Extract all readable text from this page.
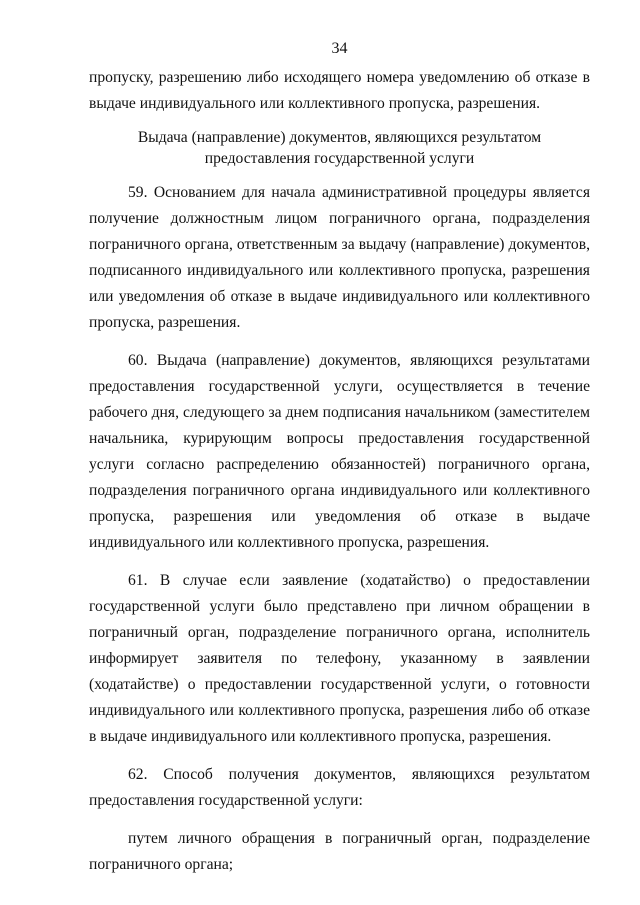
34

пропуску, разрешению либо исходящего номера уведомлению об отказе в выдаче индивидуального или коллективного пропуска, разрешения.

Выдача (направление) документов, являющихся результатом
предоставления государственной услуги

59. Основанием для начала административной процедуры является получение должностным лицом пограничного органа, подразделения пограничного органа, ответственным за выдачу (направление) документов, подписанного индивидуального или коллективного пропуска, разрешения или уведомления об отказе в выдаче индивидуального или коллективного пропуска, разрешения.

60. Выдача (направление) документов, являющихся результатами предоставления государственной услуги, осуществляется в течение рабочего дня, следующего за днем подписания начальником (заместителем начальника, курирующим вопросы предоставления государственной услуги согласно распределению обязанностей) пограничного органа, подразделения пограничного органа индивидуального или коллективного пропуска, разрешения или уведомления об отказе в выдаче индивидуального или коллективного пропуска, разрешения.

61. В случае если заявление (ходатайство) о предоставлении государственной услуги было представлено при личном обращении в пограничный орган, подразделение пограничного органа, исполнитель информирует заявителя по телефону, указанному в заявлении (ходатайстве) о предоставлении государственной услуги, о готовности индивидуального или коллективного пропуска, разрешения либо об отказе в выдаче индивидуального или коллективного пропуска, разрешения.

62. Способ получения документов, являющихся результатом предоставления государственной услуги:

путем личного обращения в пограничный орган, подразделение пограничного органа;
